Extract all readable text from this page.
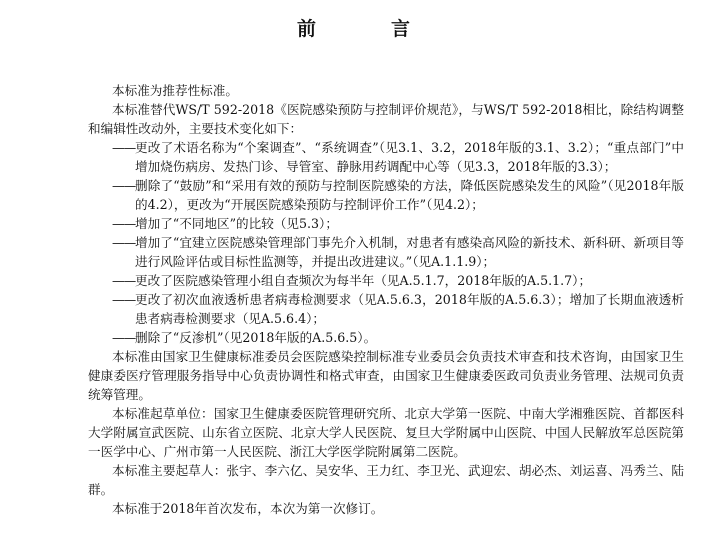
前　言

本标准为推荐性标准。

本标准替代WS/T 592-2018《医院感染预防与控制评价规范》，与WS/T 592-2018相比，除结构调整和编辑性改动外，主要技术变化如下：

—— 更改了术语名称为“个案调查”、“系统调查”（见3.1、3.2，2018年版的3.1、3.2）；“重点部门”中增加烧伤病房、发热门诊、导管室、静脉用药调配中心等（见3.3，2018年版的3.3）；

—— 删除了“鼓励”和“采用有效的预防与控制医院感染的方法，降低医院感染发生的风险”（见2018年版的4.2），更改为“开展医院感染预防与控制评价工作”（见4.2）；

—— 增加了“不同地区”的比较（见5.3）；

—— 增加了“宜建立医院感染管理部门事先介入机制，对患者有感染高风险的新技术、新科研、新项目等进行风险评估或目标性监测等，并提出改进建议。”（见A.1.1.9）；

—— 更改了医院感染管理小组自查频次为每半年（见A.5.1.7，2018年版的A.5.1.7）；

—— 更改了初次血液透析患者病毒检测要求（见A.5.6.3，2018年版的A.5.6.3）；增加了长期血液透析患者病毒检测要求（见A.5.6.4）；

—— 删除了“反渗机”（见2018年版的A.5.6.5）。

本标准由国家卫生健康标准委员会医院感染控制标准专业委员会负责技术审查和技术咨询，由国家卫生健康委医疗管理服务指导中心负责协调性和格式审查，由国家卫生健康委医政司负责业务管理、法规司负责统筹管理。

本标准起草单位：国家卫生健康委医院管理研究所、北京大学第一医院、中南大学湘雅医院、首都医科大学附属宣武医院、山东省立医院、北京大学人民医院、复旦大学附属中山医院、中国人民解放军总医院第一医学中心、广州市第一人民医院、浙江大学医学院附属第二医院。

本标准主要起草人：张宇、李六亿、吴安华、王力红、李卫光、武迎宏、胡必杰、刘运喜、冯秀兰、陆群。

本标准于2018年首次发布，本次为第一次修订。
